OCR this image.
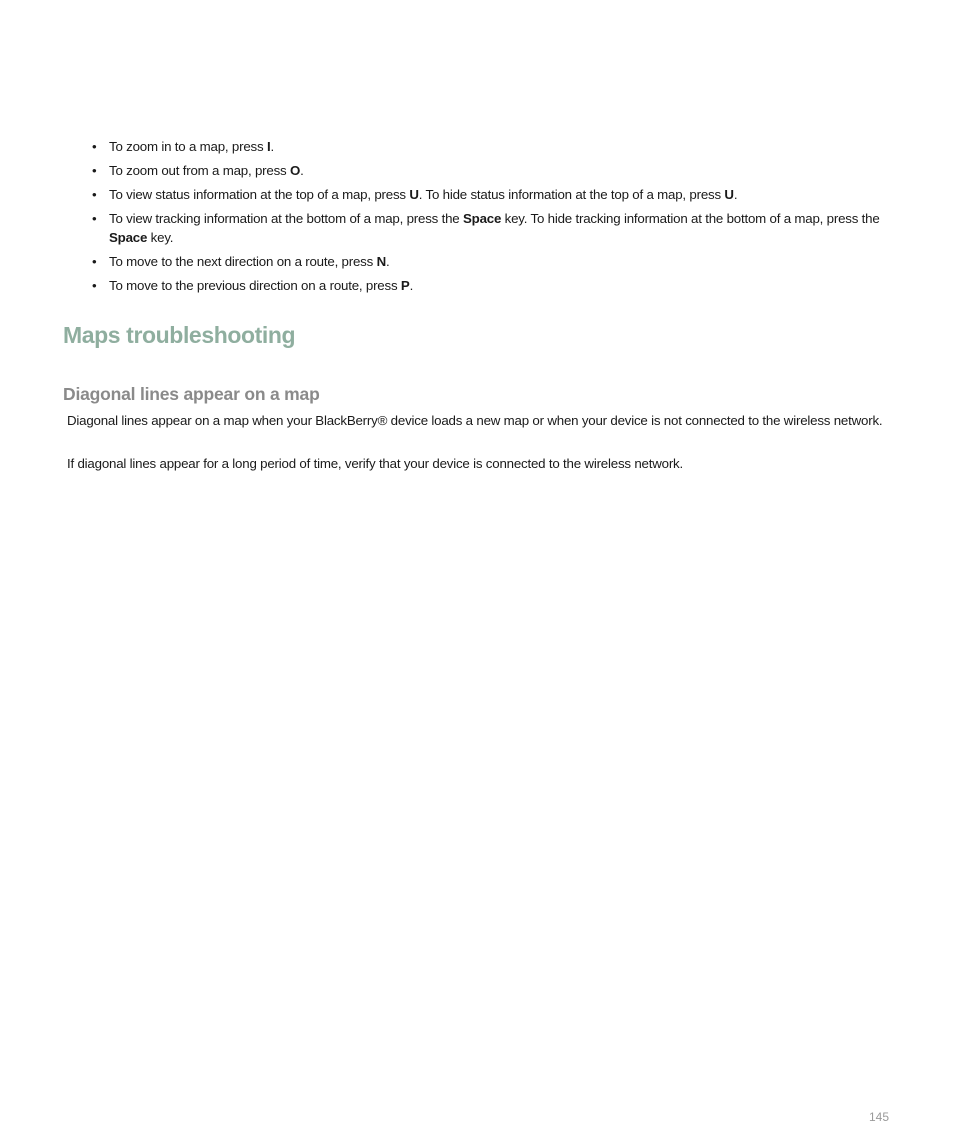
• To zoom in to a map, press I.
• To zoom out from a map, press O.
• To view status information at the top of a map, press U. To hide status information at the top of a map, press U.
• To view tracking information at the bottom of a map, press the Space key. To hide tracking information at the bottom of a map, press the Space key.
• To move to the next direction on a route, press N.
• To move to the previous direction on a route, press P.
Maps troubleshooting
Diagonal lines appear on a map

Diagonal lines appear on a map when your BlackBerry® device loads a new map or when your device is not connected to the wireless network.

If diagonal lines appear for a long period of time, verify that your device is connected to the wireless network.

145
